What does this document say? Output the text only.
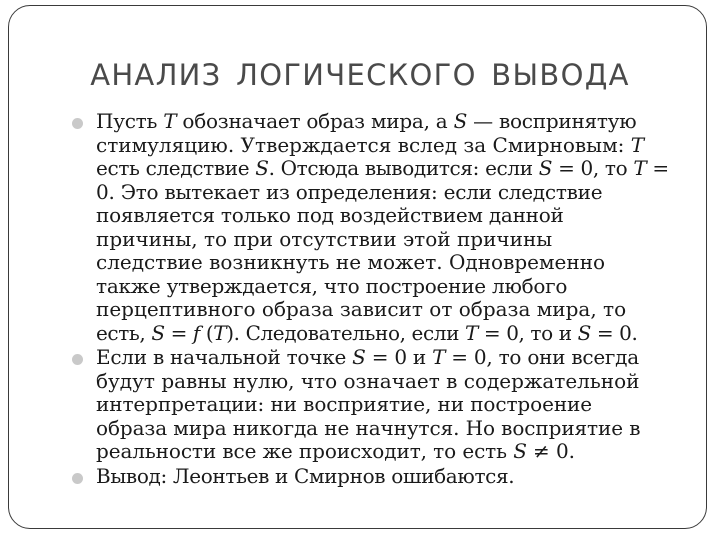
АНАЛИЗ ЛОГИЧЕСКОГО ВЫВОДА
Пусть T обозначает образ мира, а S — воспринятую
стимуляцию. Утверждается вслед за Смирновым: T
есть следствие S. Отсюда выводится: если S = 0, то T =
0. Это вытекает из определения: если следствие
появляется только под воздействием данной
причины, то при отсутствии этой причины
следствие возникнуть не может. Одновременно
также утверждается, что построение любого
перцептивного образа зависит от образа мира, то
есть, S = f (T). Следовательно, если T = 0, то и S = 0.
Если в начальной точке S = 0 и T = 0, то они всегда
будут равны нулю, что означает в содержательной
интерпретации: ни восприятие, ни построение
образа мира никогда не начнутся. Но восприятие в
реальности все же происходит, то есть S ≠ 0.
Вывод: Леонтьев и Смирнов ошибаются.
